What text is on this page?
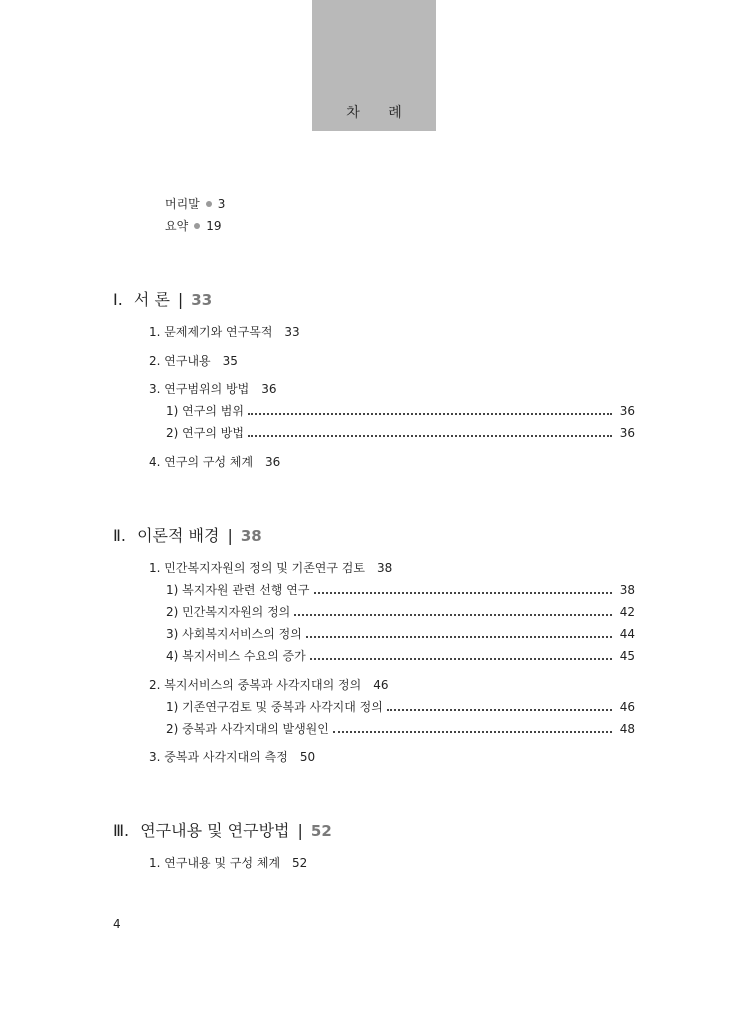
차 례
머리말 3
요약 19
Ⅰ. 서 론 | 33
1. 문제제기와 연구목적 33
2. 연구내용 35
3. 연구범위의 방법 36
1) 연구의 범위	36
2) 연구의 방법	36
4. 연구의 구성 체계 36
Ⅱ. 이론적 배경 | 38
1. 민간복지자원의 정의 및 기존연구 검토 38
1) 복지자원 관련 선행 연구	38
2) 민간복지자원의 정의	42
3) 사회복지서비스의 정의	44
4) 복지서비스 수요의 증가	45
2. 복지서비스의 중복과 사각지대의 정의 46
1) 기존연구검토 및 중복과 사각지대 정의	46
2) 중복과 사각지대의 발생원인	48
3. 중복과 사각지대의 측정 50
Ⅲ. 연구내용 및 연구방법 | 52
1. 연구내용 및 구성 체계 52
4
